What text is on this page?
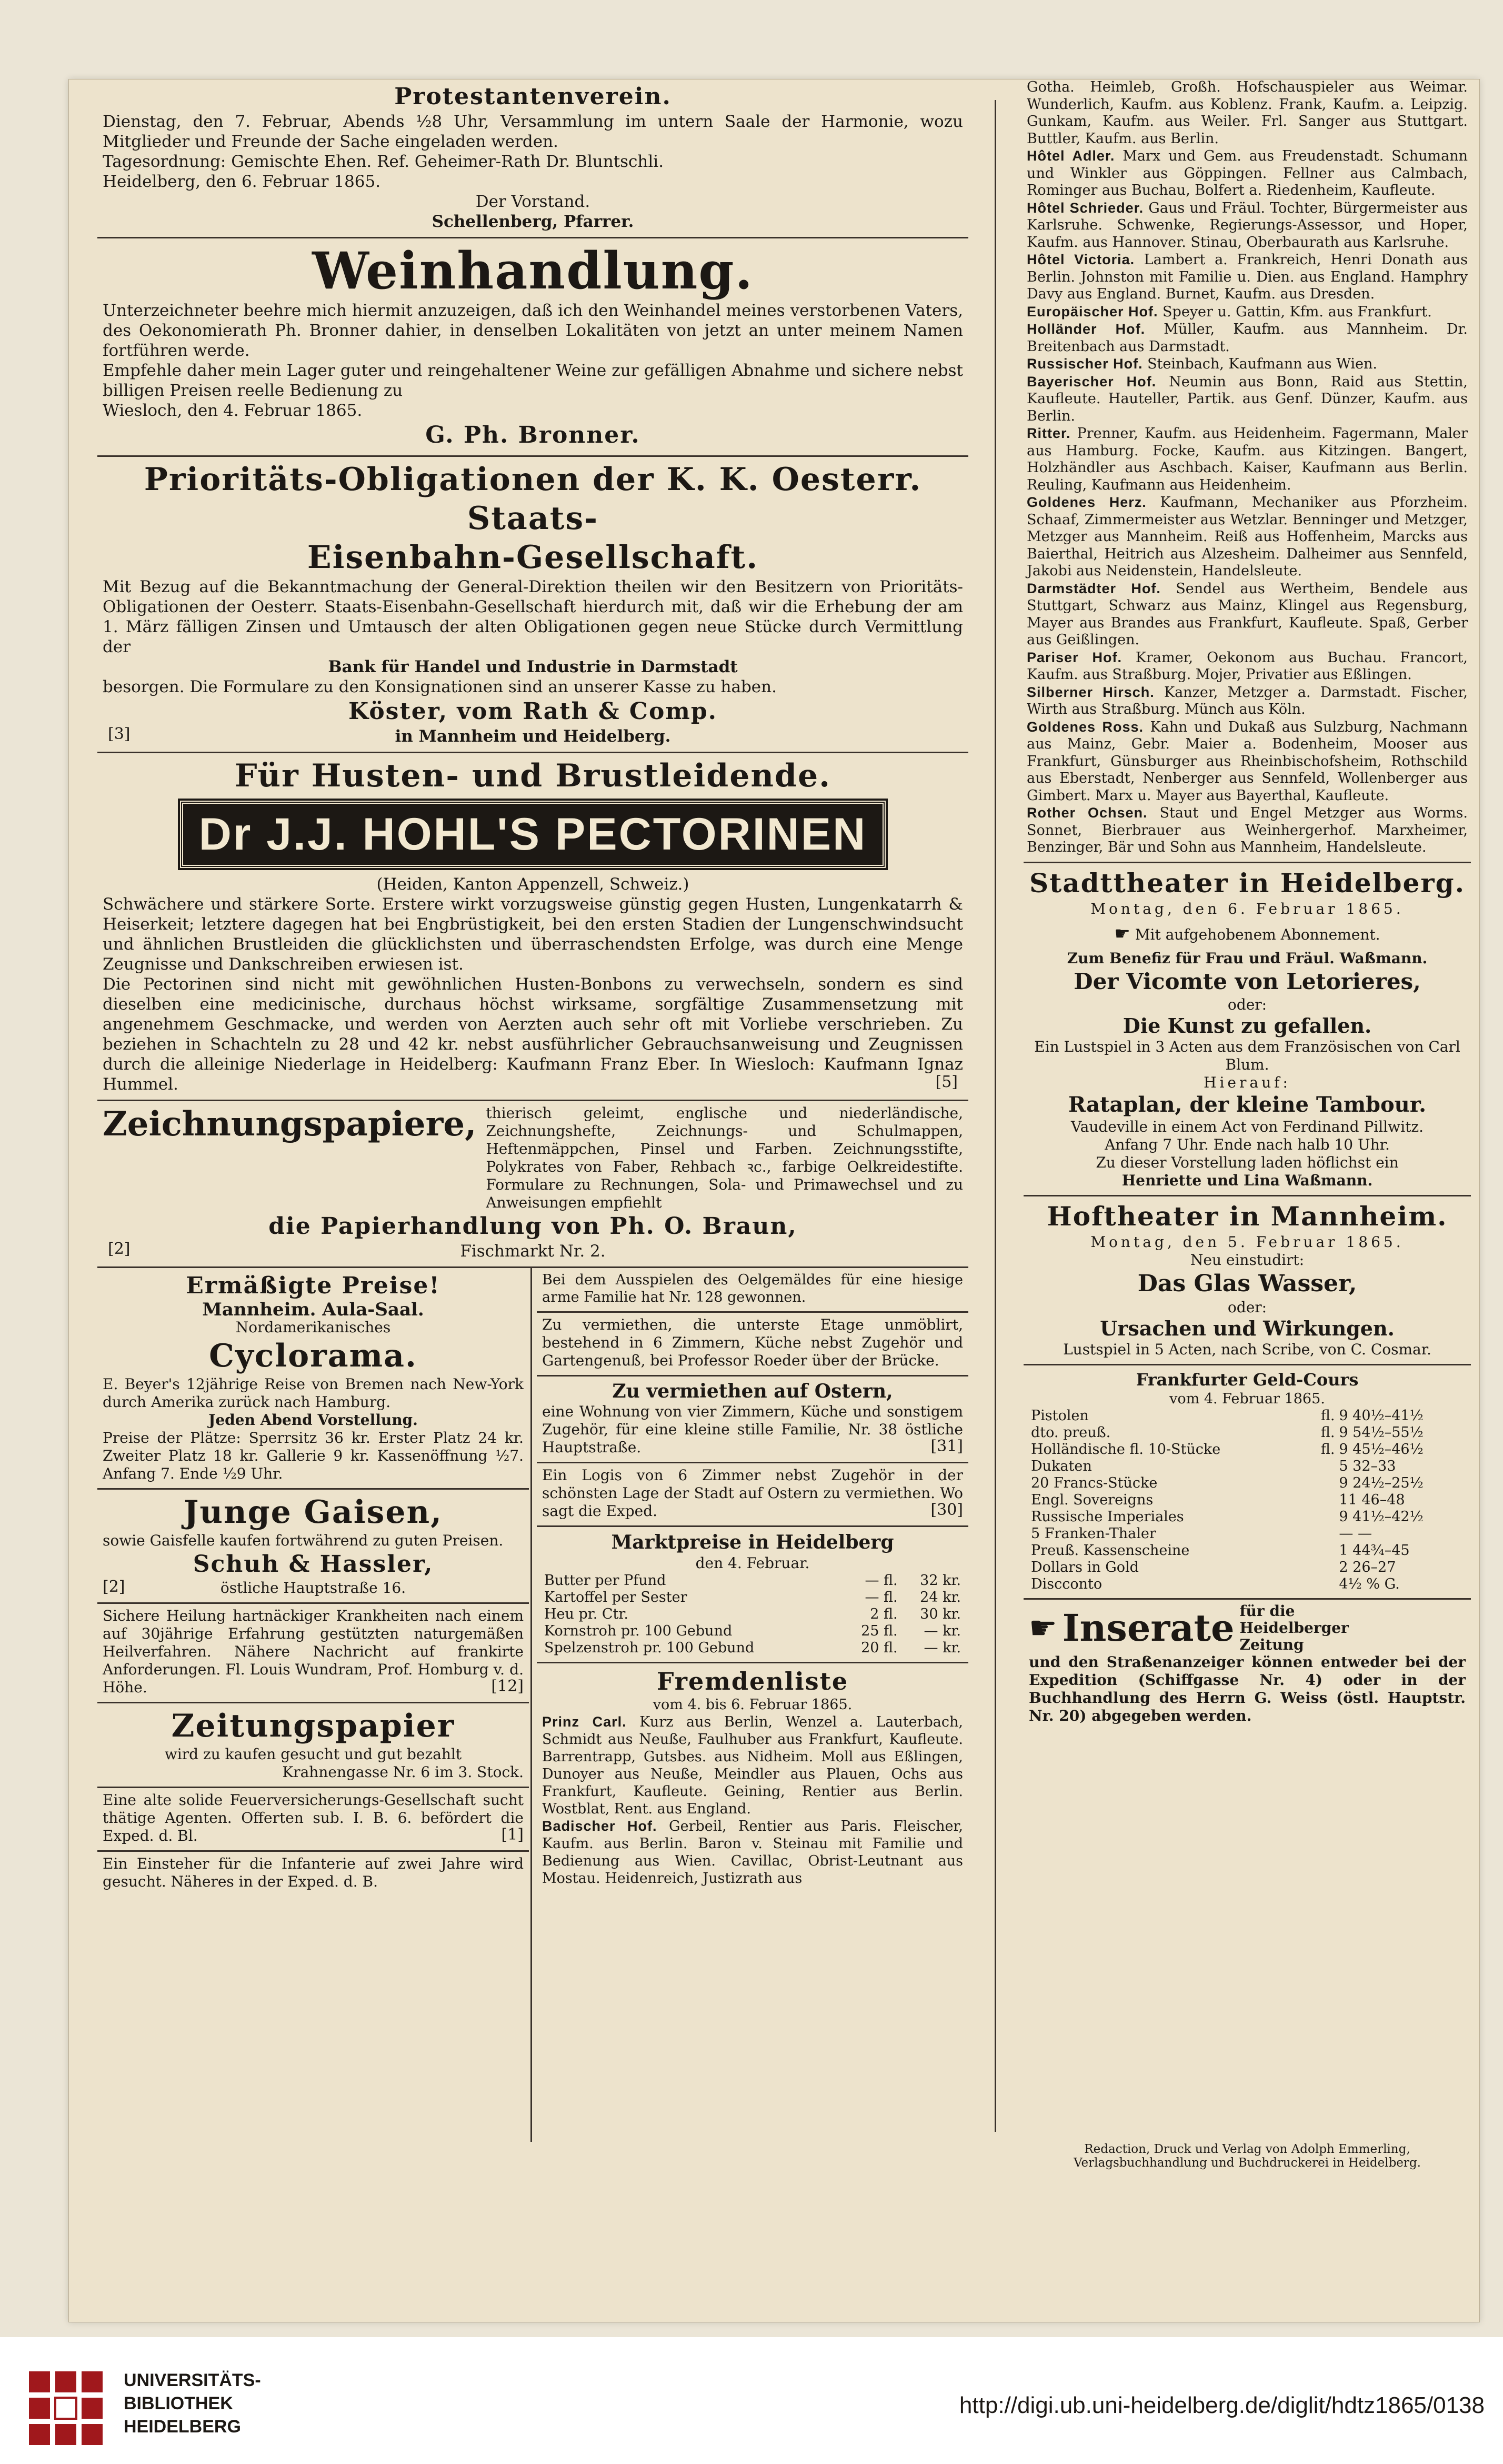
Protestantenverein.
Dienstag, den 7. Februar, Abends ½8 Uhr, Versammlung im untern Saale der Harmonie, wozu Mitglieder und Freunde der Sache eingeladen werden.
Tagesordnung: Gemischte Ehen. Ref. Geheimer-Rath Dr. Bluntschli.
Heidelberg, den 6. Februar 1865.
Der Vorstand.
Schellenberg, Pfarrer.
Weinhandlung.
Unterzeichneter beehre mich hiermit anzuzeigen, daß ich den Weinhandel meines verstorbenen Vaters, des Oekonomierath Ph. Bronner dahier, in denselben Lokalitäten von jetzt an unter meinem Namen fortführen werde.
Empfehle daher mein Lager guter und reingehaltener Weine zur gefälligen Abnahme und sichere nebst billigen Preisen reelle Bedienung zu
Wiesloch, den 4. Februar 1865.
G. Ph. Bronner.
Prioritäts-Obligationen der K. K. Oesterr. Staats-
Eisenbahn-Gesellschaft.
Mit Bezug auf die Bekanntmachung der General-Direktion theilen wir den Besitzern von Prioritäts-Obligationen der Oesterr. Staats-Eisenbahn-Gesellschaft hierdurch mit, daß wir die Erhebung der am 1. März fälligen Zinsen und Umtausch der alten Obligationen gegen neue Stücke durch Vermittlung der
Bank für Handel und Industrie in Darmstadt
besorgen. Die Formulare zu den Konsignationen sind an unserer Kasse zu haben.
Köster, vom Rath & Comp.
in Mannheim und Heidelberg.
[3]
Für Husten- und Brustleidende.
Dr J.J. HOHL'S PECTORINEN
(Heiden, Kanton Appenzell, Schweiz.)
Schwächere und stärkere Sorte. Erstere wirkt vorzugsweise günstig gegen Husten, Lungenkatarrh & Heiserkeit; letztere dagegen hat bei Engbrüstigkeit, bei den ersten Stadien der Lungenschwindsucht und ähnlichen Brustleiden die glücklichsten und überraschendsten Erfolge, was durch eine Menge Zeugnisse und Dankschreiben erwiesen ist.
Die Pectorinen sind nicht mit gewöhnlichen Husten-Bonbons zu verwechseln, sondern es sind dieselben eine medicinische, durchaus höchst wirksame, sorgfältige Zusammensetzung mit angenehmem Geschmacke, und werden von Aerzten auch sehr oft mit Vorliebe verschrieben. Zu beziehen in Schachteln zu 28 und 42 kr. nebst ausführlicher Gebrauchsanweisung und Zeugnissen durch die alleinige Niederlage in Heidelberg: Kaufmann Franz Eber. In Wiesloch: Kaufmann Ignaz Hummel.	[5]
Zeichnungspapiere, thierisch geleimt, englische und niederländische, Zeichnungshefte, Zeichnungs- und Schulmappen, Heftenmäppchen, Pinsel und Farben. Zeichnungsstifte, Polykrates von Faber, Rehbach ꝛc., farbige Oelkreidestifte. Formulare zu Rechnungen, Sola- und Primawechsel und zu Anweisungen empfiehlt
die Papierhandlung von Ph. O. Braun,
Fischmarkt Nr. 2.
[2]
Ermäßigte Preise!
Mannheim. Aula-Saal.
Nordamerikanisches
Cyclorama.
E. Beyer's 12jährige Reise von Bremen nach New-York durch Amerika zurück nach Hamburg.
Jeden Abend Vorstellung.
Preise der Plätze: Sperrsitz 36 kr. Erster Platz 24 kr. Zweiter Platz 18 kr. Gallerie 9 kr. Kassenöffnung ½7. Anfang 7. Ende ½9 Uhr.
Junge Gaisen,
sowie Gaisfelle kaufen fortwährend zu guten Preisen.
Schuh & Hassler,
östliche Hauptstraße 16.
[2]
Sichere Heilung hartnäckiger Krankheiten nach einem auf 30jährige Erfahrung gestützten naturgemäßen Heilverfahren. Nähere Nachricht auf frankirte Anforderungen. Fl. Louis Wundram, Prof. Homburg v. d. Höhe.	[12]
Zeitungspapier
wird zu kaufen gesucht und gut bezahlt
Krahnengasse Nr. 6 im 3. Stock.
Eine alte solide Feuerversicherungs-Gesellschaft sucht thätige Agenten. Offerten sub. I. B. 6. befördert die Exped. d. Bl.	[1]
Ein Einsteher für die Infanterie auf zwei Jahre wird gesucht. Näheres in der Exped. d. B.
Bei dem Ausspielen des Oelgemäldes für eine hiesige arme Familie hat Nr. 128 gewonnen.
Zu vermiethen, die unterste Etage unmöblirt, bestehend in 6 Zimmern, Küche nebst Zugehör und Gartengenuß, bei Professor Roeder über der Brücke.
Zu vermiethen auf Ostern,
eine Wohnung von vier Zimmern, Küche und sonstigem Zugehör, für eine kleine stille Familie, Nr. 38 östliche Hauptstraße.	[31]
Ein Logis von 6 Zimmer nebst Zugehör in der schönsten Lage der Stadt auf Ostern zu vermiethen. Wo sagt die Exped.	[30]
Marktpreise in Heidelberg
den 4. Februar.
Butter per Pfund	— fl.	32 kr.
Kartoffel per Sester	— fl.	24 kr.
Heu pr. Ctr.	2 fl.	30 kr.
Kornstroh pr. 100 Gebund	25 fl.	— kr.
Spelzenstroh pr. 100 Gebund	20 fl.	— kr.
Fremdenliste
vom 4. bis 6. Februar 1865.
Prinz Carl. Kurz aus Berlin, Wenzel a. Lauterbach, Schmidt aus Neuße, Faulhuber aus Frankfurt, Kaufleute. Barrentrapp, Gutsbes. aus Nidheim. Moll aus Eßlingen, Dunoyer aus Neuße, Meindler aus Plauen, Ochs aus Frankfurt, Kaufleute. Geining, Rentier aus Berlin. Wostblat, Rent. aus England.
Badischer Hof. Gerbeil, Rentier aus Paris. Fleischer, Kaufm. aus Berlin. Baron v. Steinau mit Familie und Bedienung aus Wien. Cavillac, Obrist-Leutnant aus Mostau. Heidenreich, Justizrath aus
Gotha. Heimleb, Großh. Hofschauspieler aus Weimar. Wunderlich, Kaufm. aus Koblenz. Frank, Kaufm. a. Leipzig. Gunkam, Kaufm. aus Weiler. Frl. Sanger aus Stuttgart. Buttler, Kaufm. aus Berlin.
Hôtel Adler. Marx und Gem. aus Freudenstadt. Schumann und Winkler aus Göppingen. Fellner aus Calmbach, Rominger aus Buchau, Bolfert a. Riedenheim, Kaufleute.
Hôtel Schrieder. Gaus und Fräul. Tochter, Bürgermeister aus Karlsruhe. Schwenke, Regierungs-Assessor, und Hoper, Kaufm. aus Hannover. Stinau, Oberbaurath aus Karlsruhe.
Hôtel Victoria. Lambert a. Frankreich, Henri Donath aus Berlin. Johnston mit Familie u. Dien. aus England. Hamphry Davy aus England. Burnet, Kaufm. aus Dresden.
Europäischer Hof. Speyer u. Gattin, Kfm. aus Frankfurt.
Holländer Hof. Müller, Kaufm. aus Mannheim. Dr. Breitenbach aus Darmstadt.
Russischer Hof. Steinbach, Kaufmann aus Wien.
Bayerischer Hof. Neumin aus Bonn, Raid aus Stettin, Kaufleute. Hauteller, Partik. aus Genf. Dünzer, Kaufm. aus Berlin.
Ritter. Prenner, Kaufm. aus Heidenheim. Fagermann, Maler aus Hamburg. Focke, Kaufm. aus Kitzingen. Bangert, Holzhändler aus Aschbach. Kaiser, Kaufmann aus Berlin. Reuling, Kaufmann aus Heidenheim.
Goldenes Herz. Kaufmann, Mechaniker aus Pforzheim. Schaaf, Zimmermeister aus Wetzlar. Benninger und Metzger, Metzger aus Mannheim. Reiß aus Hoffenheim, Marcks aus Baierthal, Heitrich aus Alzesheim. Dalheimer aus Sennfeld, Jakobi aus Neidenstein, Handelsleute.
Darmstädter Hof. Sendel aus Wertheim, Bendele aus Stuttgart, Schwarz aus Mainz, Klingel aus Regensburg, Mayer aus Brandes aus Frankfurt, Kaufleute. Spaß, Gerber aus Geißlingen.
Pariser Hof. Kramer, Oekonom aus Buchau. Francort, Kaufm. aus Straßburg. Mojer, Privatier aus Eßlingen.
Silberner Hirsch. Kanzer, Metzger a. Darmstadt. Fischer, Wirth aus Straßburg. Münch aus Köln.
Goldenes Ross. Kahn und Dukaß aus Sulzburg, Nachmann aus Mainz, Gebr. Maier a. Bodenheim, Mooser aus Frankfurt, Günsburger aus Rheinbischofsheim, Rothschild aus Eberstadt, Nenberger aus Sennfeld, Wollenberger aus Gimbert. Marx u. Mayer aus Bayerthal, Kaufleute.
Rother Ochsen. Staut und Engel Metzger aus Worms. Sonnet, Bierbrauer aus Weinhergerhof. Marxheimer, Benzinger, Bär und Sohn aus Mannheim, Handelsleute.
Stadttheater in Heidelberg.
Montag, den 6. Februar 1865.
☛ Mit aufgehobenem Abonnement.
Zum Benefiz für Frau und Fräul. Waßmann.
Der Vicomte von Letorieres,
oder:
Die Kunst zu gefallen.
Ein Lustspiel in 3 Acten aus dem Französischen von Carl Blum.
Hierauf:
Rataplan, der kleine Tambour.
Vaudeville in einem Act von Ferdinand Pillwitz.
Anfang 7 Uhr. Ende nach halb 10 Uhr.
Zu dieser Vorstellung laden höflichst ein
Henriette und Lina Waßmann.
Hoftheater in Mannheim.
Montag, den 5. Februar 1865.
Neu einstudirt:
Das Glas Wasser,
oder:
Ursachen und Wirkungen.
Lustspiel in 5 Acten, nach Scribe, von C. Cosmar.
Frankfurter Geld-Cours
vom 4. Februar 1865.
Pistolen	fl.	9 40½–41½
dto. preuß.	fl.	9 54½–55½
Holländische fl. 10-Stücke	fl.	9 45½–46½
Dukaten		5 32–33
20 Francs-Stücke		9 24½–25½
Engl. Sovereigns		11 46–48
Russische Imperiales		9 41½–42½
5 Franken-Thaler		— —
Preuß. Kassenscheine		1 44¾–45
Dollars in Gold		2 26–27
Discconto		4½ % G.
☛ Inserate für die Heidelberger Zeitung
und den Straßenanzeiger können entweder bei der Expedition (Schiffgasse Nr. 4) oder in der Buchhandlung des Herrn G. Weiss (östl. Hauptstr. Nr. 20) abgegeben werden.
Redaction, Druck und Verlag von Adolph Emmerling, Verlagsbuchhandlung und Buchdruckerei in Heidelberg.
UNIVERSITÄTS-
BIBLIOTHEK
HEIDELBERG
http://digi.ub.uni-heidelberg.de/diglit/hdtz1865/0138
